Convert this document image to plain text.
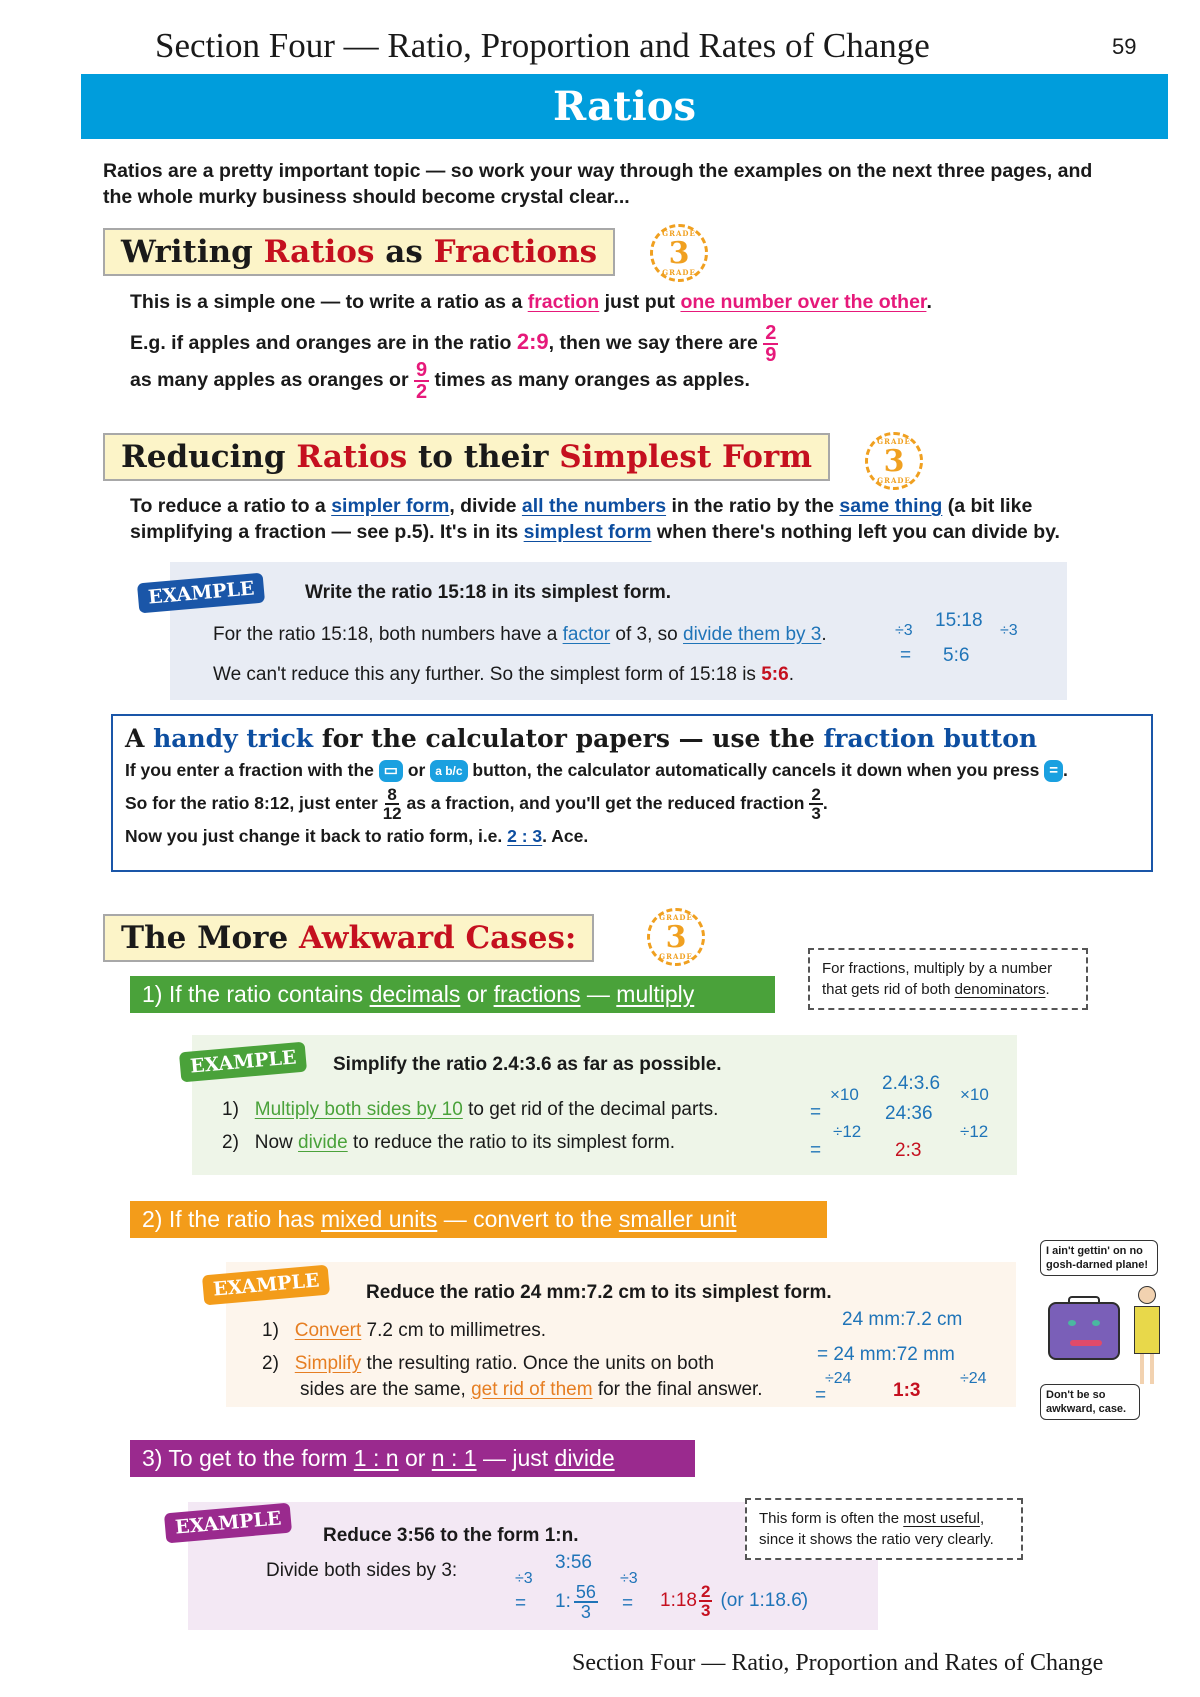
Section Four — Ratio, Proportion and Rates of Change	59
Ratios
Ratios are a pretty important topic — so work your way through the examples on the next three pages, and the whole murky business should become crystal clear...
Writing Ratios as Fractions	GRADE 3 GRADE
This is a simple one — to write a ratio as a fraction just put one number over the other.
E.g. if apples and oranges are in the ratio 2:9, then we say there are $\frac{2}{9}$
as many apples as oranges or $\frac{9}{2}$ times as many oranges as apples.
Reducing Ratios to their Simplest Form	GRADE 3 GRADE
To reduce a ratio to a simpler form, divide all the numbers in the ratio by the same thing (a bit like
simplifying a fraction — see p.5). It's in its simplest form when there's nothing left you can divide by.
EXAMPLE	Write the ratio 15:18 in its simplest form.
For the ratio 15:18, both numbers have a factor of 3, so divide them by 3.
We can't reduce this any further. So the simplest form of 15:18 is 5:6.
15:18
÷3	÷3
= 5:6
A handy trick for the calculator papers — use the fraction button
If you enter a fraction with the ▭ or a b/c button, the calculator automatically cancels it down when you press = .
So for the ratio 8:12, just enter $\frac{8}{12}$ as a fraction, and you'll get the reduced fraction $\frac{2}{3}$ .
Now you just change it back to ratio form, i.e. 2 : 3. Ace.
The More Awkward Cases:	GRADE 3 GRADE
For fractions, multiply by a number that gets rid of both denominators.
1) If the ratio contains decimals or fractions — multiply
EXAMPLE	Simplify the ratio 2.4:3.6 as far as possible.
1) Multiply both sides by 10 to get rid of the decimal parts.
2) Now divide to reduce the ratio to its simplest form.
2.4:3.6
×10	×10
=	24:36
÷12	÷12
=	2:3
2) If the ratio has mixed units — convert to the smaller unit
EXAMPLE	Reduce the ratio 24 mm:7.2 cm to its simplest form.
1) Convert 7.2 cm to millimetres.
2) Simplify the resulting ratio. Once the units on both
sides are the same, get rid of them for the final answer.
24 mm:7.2 cm
= 24 mm:72 mm
÷24	÷24
=	1:3
I ain't gettin' on no gosh-darned plane!
Don't be so awkward, case.
3) To get to the form 1 : n or n : 1 — just divide
EXAMPLE	Reduce 3:56 to the form 1:n.
Divide both sides by 3:	3:56
÷3	÷3
= 1: $\frac{56}{3}$ = 1:18 $\frac{2}{3} (or$ 1:18.6̇)
This form is often the most useful, since it shows the ratio very clearly.
Section Four — Ratio, Proportion and Rates of Change
